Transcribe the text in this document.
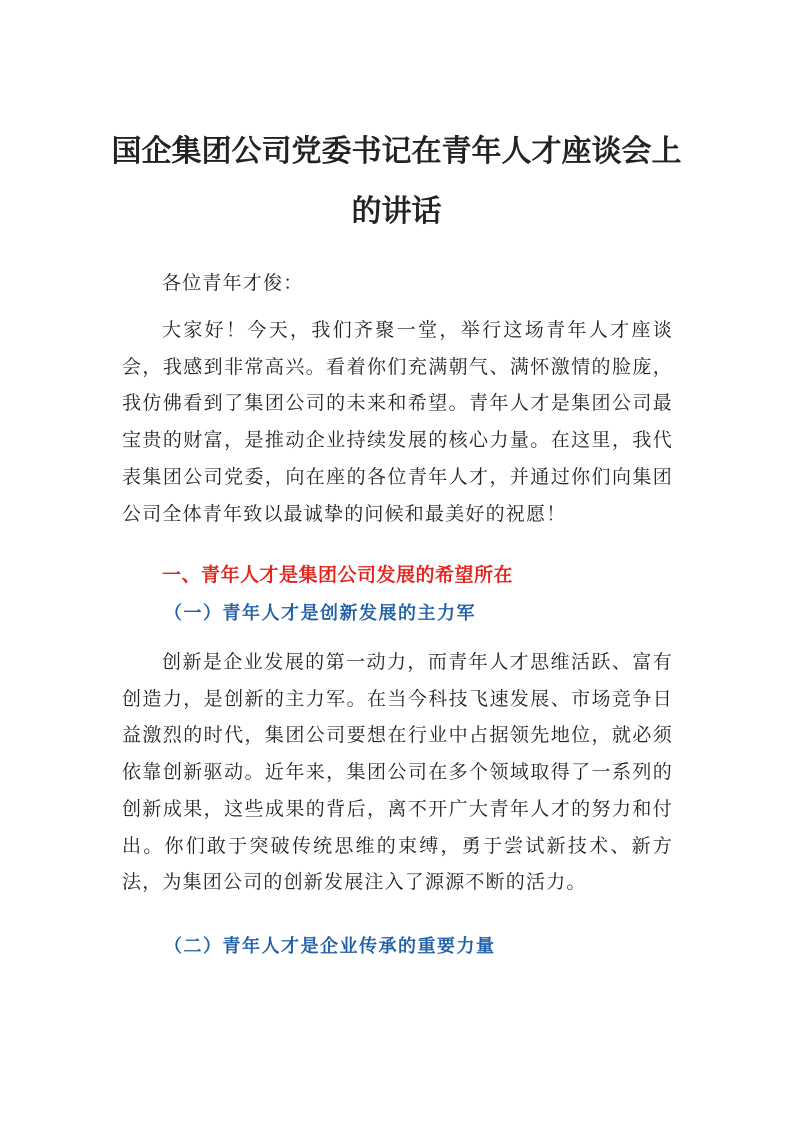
国企集团公司党委书记在青年人才座谈会上的讲话

各位青年才俊：

大家好！今天，我们齐聚一堂，举行这场青年人才座谈会，我感到非常高兴。看着你们充满朝气、满怀激情的脸庞，我仿佛看到了集团公司的未来和希望。青年人才是集团公司最宝贵的财富，是推动企业持续发展的核心力量。在这里，我代表集团公司党委，向在座的各位青年人才，并通过你们向集团公司全体青年致以最诚挚的问候和最美好的祝愿！

一、青年人才是集团公司发展的希望所在
（一）青年人才是创新发展的主力军

创新是企业发展的第一动力，而青年人才思维活跃、富有创造力，是创新的主力军。在当今科技飞速发展、市场竞争日益激烈的时代，集团公司要想在行业中占据领先地位，就必须依靠创新驱动。近年来，集团公司在多个领域取得了一系列的创新成果，这些成果的背后，离不开广大青年人才的努力和付出。你们敢于突破传统思维的束缚，勇于尝试新技术、新方法，为集团公司的创新发展注入了源源不断的活力。

（二）青年人才是企业传承的重要力量
